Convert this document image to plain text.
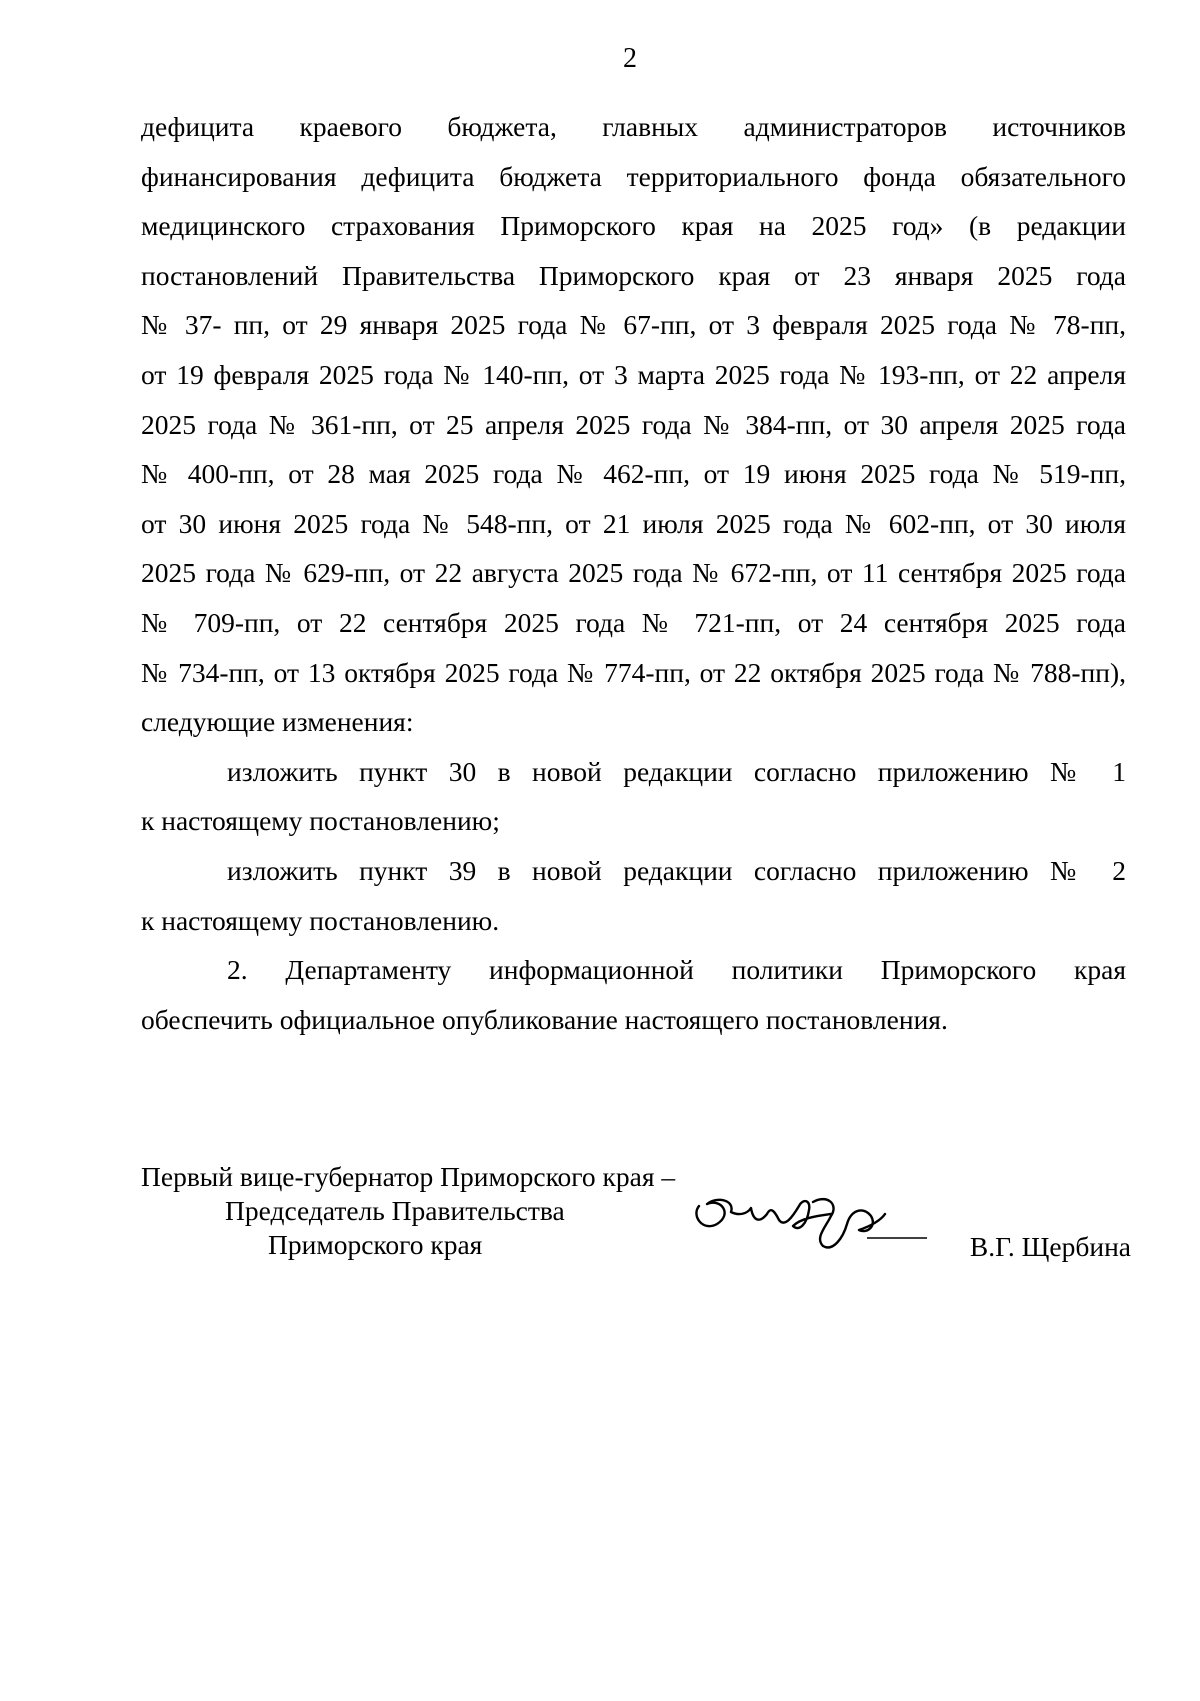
2
дефицита краевого бюджета, главных администраторов источников
финансирования дефицита бюджета территориального фонда обязательного
медицинского страхования Приморского края на 2025 год» (в редакции
постановлений Правительства Приморского края от 23 января 2025 года
№ 37- пп, от 29 января 2025 года № 67-пп, от 3 февраля 2025 года № 78-пп,
от 19 февраля 2025 года № 140-пп, от 3 марта 2025 года № 193-пп, от 22 апреля
2025 года № 361-пп, от 25 апреля 2025 года № 384-пп, от 30 апреля 2025 года
№ 400-пп, от 28 мая 2025 года № 462-пп, от 19 июня 2025 года № 519-пп,
от 30 июня 2025 года № 548-пп, от 21 июля 2025 года № 602-пп, от 30 июля
2025 года № 629-пп, от 22 августа 2025 года № 672-пп, от 11 сентября 2025 года
№ 709-пп, от 22 сентября 2025 года № 721-пп, от 24 сентября 2025 года
№ 734-пп, от 13 октября 2025 года № 774-пп, от 22 октября 2025 года № 788-пп),
следующие изменения:
изложить пункт 30 в новой редакции согласно приложению № 1
к настоящему постановлению;
изложить пункт 39 в новой редакции согласно приложению № 2
к настоящему постановлению.
2. Департаменту информационной политики Приморского края
обеспечить официальное опубликование настоящего постановления.
Первый вице-губернатор Приморского края –
Председатель Правительства
Приморского края	В.Г. Щербина
